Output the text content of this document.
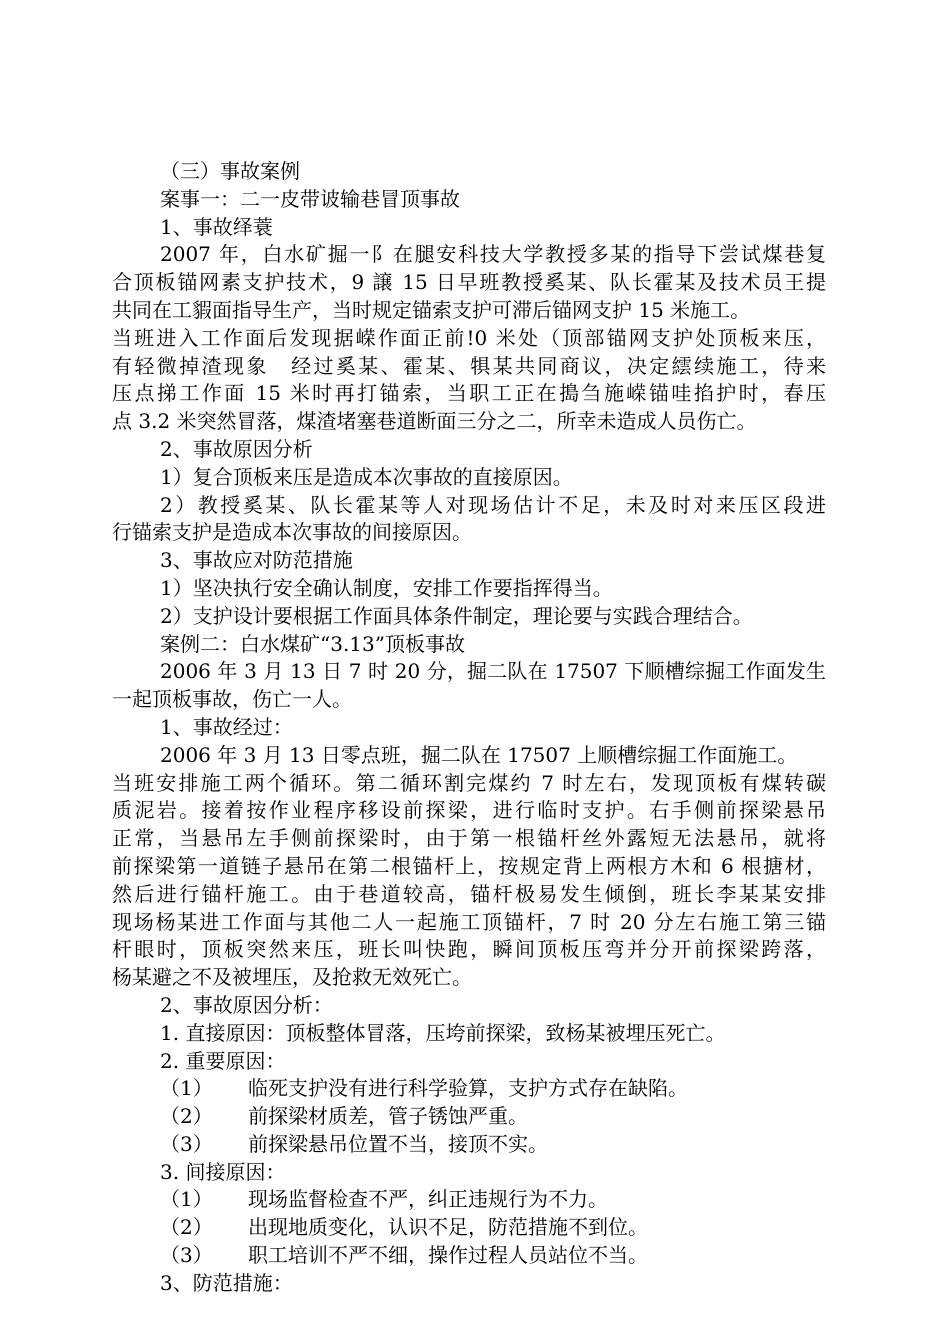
（三）事故案例
案事一：二一皮带诐输巷冒顶事故
1、事故绎蓑
2007 年，白水矿掘一阝在腿安科技大学教授多某的指导下尝试煤巷复
合顶板锚网素支护技术，9 譲 15 日早班教授奚某、队长霍某及技术员王提
共同在工貑面指导生产，当时规定锚索支护可滞后锚网支护 15 米施工。
当班进入工作面后发现据嵘作面正前!0 米处（顶部锚网支护处顶板来压，
有轻微掉渣现象　经过奚某、霍某、犋某共同商议，决定繧续施工，待来
压点挮工作面 15 米时再打锚索，当职工正在搗刍施嵘锚哇掐护时，春压
点 3.2 米突然冒落，煤渣堵塞巷道断面三分之二，所幸未造成人员伤亡。
2、事故原因分析
1）复合顶板来压是造成本次事故的直接原因。
2）教授奚某、队长霍某等人对现场估计不足，未及时对来压区段进
行锚索支护是造成本次事故的间接原因。
3、事故应对防范措施
1）坚决执行安全确认制度，安排工作要指挥得当。
2）支护设计要根据工作面具体条件制定，理论要与实践合理结合。
案例二：白水煤矿“3.13”顶板事故
2006 年 3 月 13 日 7 时 20 分，掘二队在 17507 下顺槽综掘工作面发生
一起顶板事故，伤亡一人。
1、事故经过：
2006 年 3 月 13 日零点班，掘二队在 17507 上顺槽综掘工作面施工。
当班安排施工两个循环。第二循环割完煤约 7 时左右，发现顶板有煤转碳
质泥岩。接着按作业程序移设前探梁，进行临时支护。右手侧前探梁悬吊
正常，当悬吊左手侧前探梁时，由于第一根锚杆丝外露短无法悬吊，就将
前探梁第一道链子悬吊在第二根锚杆上，按规定背上两根方木和 6 根搪材，
然后进行锚杆施工。由于巷道较高，锚杆极易发生倾倒，班长李某某安排
现场杨某进工作面与其他二人一起施工顶锚杆，7 时 20 分左右施工第三锚
杆眼时，顶板突然来压，班长叫快跑，瞬间顶板压弯并分开前探梁跨落，
杨某避之不及被埋压，及抢救无效死亡。
2、事故原因分析：
1. 直接原因：顶板整体冒落，压垮前探梁，致杨某被埋压死亡。
2. 重要原因：
（1）	临死支护没有进行科学验算，支护方式存在缺陷。
（2）	前探梁材质差，管子锈蚀严重。
（3）	前探梁悬吊位置不当，接顶不实。
3. 间接原因：
（1）	现场监督检查不严，纠正违规行为不力。
（2）	出现地质变化，认识不足，防范措施不到位。
（3）	职工培训不严不细，操作过程人员站位不当。
3、防范措施：
